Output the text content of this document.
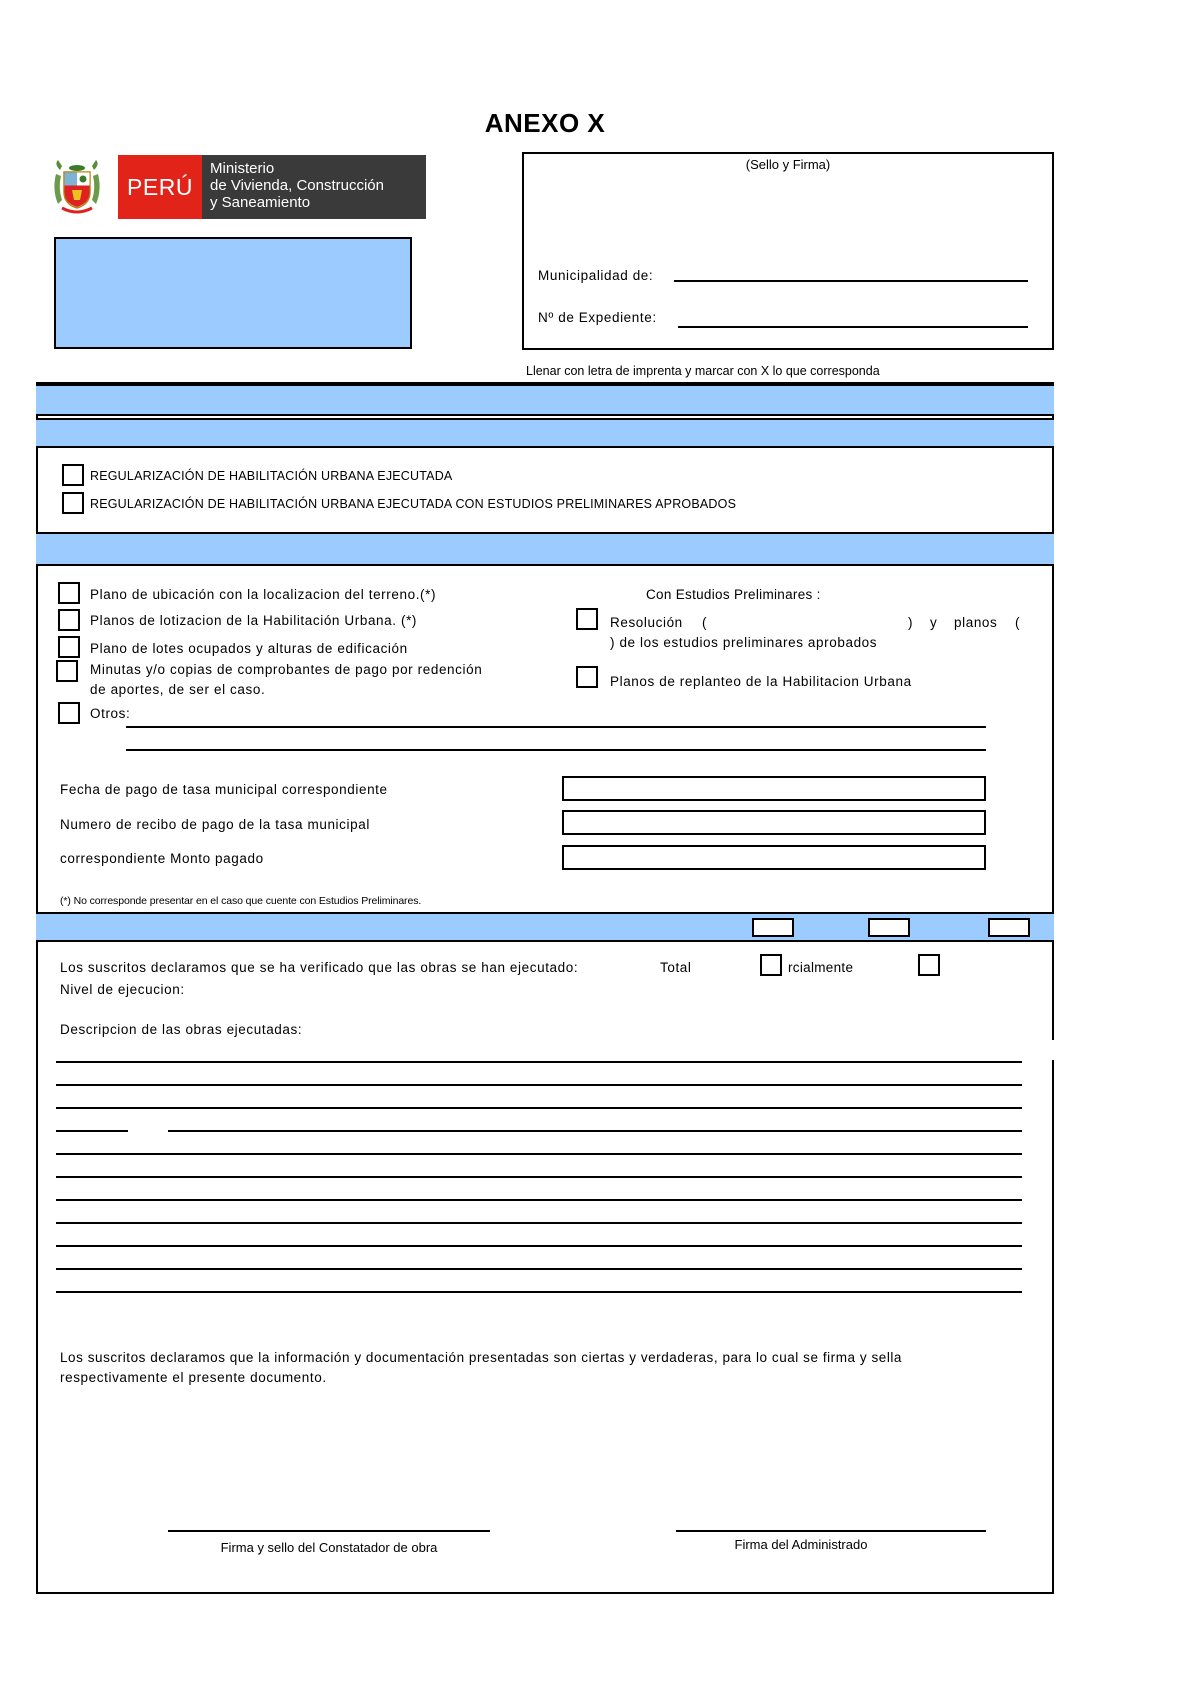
ANEXO X
PERÚ
Ministerio
de Vivienda, Construcción
y Saneamiento
(Sello y Firma)
Municipalidad de:
Nº de Expediente:
Llenar con letra de imprenta y marcar con X lo que corresponda
REGULARIZACIÓN DE HABILITACIÓN URBANA EJECUTADA
REGULARIZACIÓN DE HABILITACIÓN URBANA EJECUTADA CON ESTUDIOS PRELIMINARES APROBADOS
Plano de ubicación con la localizacion del terreno.(*)
Planos de lotizacion de la Habilitación Urbana. (*)
Plano de lotes ocupados y alturas de edificación
Minutas y/o copias de comprobantes de pago por redención
de aportes, de ser el caso.
Otros:
Con Estudios Preliminares :
Resolución (	) y planos (
) de los estudios preliminares aprobados
Planos de replanteo de la Habilitacion Urbana
Fecha de pago de tasa municipal correspondiente
Numero de recibo de pago de la tasa municipal
correspondiente Monto pagado
(*) No corresponde presentar en el caso que cuente con Estudios Preliminares.
Los suscritos declaramos que se ha verificado que las obras se han ejecutado:	Total	rcialmente
Nivel de ejecucion:
Descripcion de las obras ejecutadas:
Los suscritos declaramos que la información y documentación presentadas son ciertas y verdaderas, para lo cual se firma y sella
respectivamente el presente documento.
Firma y sello del Constatador de obra	Firma del Administrado
